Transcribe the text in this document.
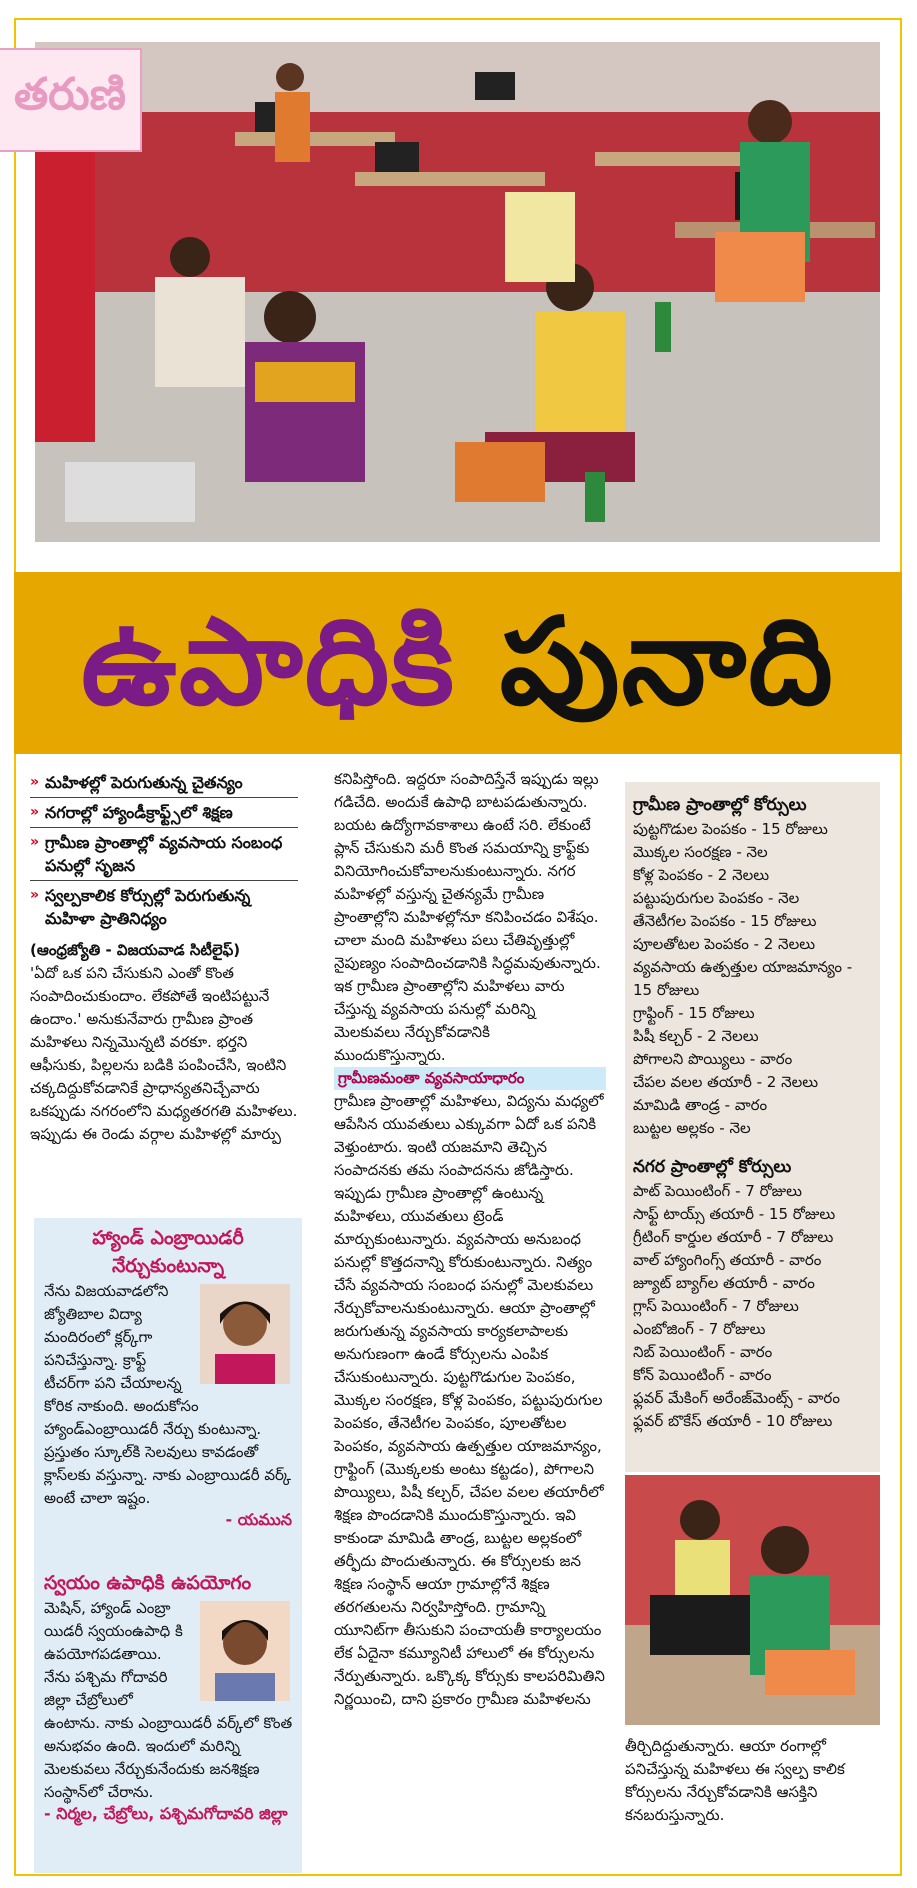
తరుణి
ఉపాధికి పునాది
» మహిళల్లో పెరుగుతున్న చైతన్యం
» నగరాల్లో హ్యాండీక్రాఫ్ట్స్‌లో శిక్షణ
» గ్రామీణ ప్రాంతాల్లో వ్యవసాయ సంబంధ పనుల్లో సృజన
» స్వల్పకాలిక కోర్సుల్లో పెరుగుతున్న మహిళా ప్రాతినిధ్యం

(ఆంధ్రజ్యోతి - విజయవాడ సిటీలైఫ్)

'ఏదో ఒక పని చేసుకుని ఎంతో కొంత సంపాదించుకుందాం. లేకపోతే ఇంటిపట్టునే ఉందాం.' అనుకునేవారు గ్రామీణ ప్రాంత మహిళలు నిన్నమొన్నటి వరకూ. భర్తని ఆఫీసుకు, పిల్లలను బడికి పంపించేసి, ఇంటిని చక్కదిద్దుకోవడానికే ప్రాధాన్యతనిచ్చేవారు ఒకప్పుడు నగరంలోని మధ్యతరగతి మహిళలు. ఇప్పుడు ఈ రెండు వర్గాల మహిళల్లో మార్పు

హ్యాండ్ ఎంబ్రాయిడరీ నేర్చుకుంటున్నా
నేను విజయవాడలోని జ్యోతిబాల విద్యా మందిరంలో క్లర్క్‌గా పనిచేస్తున్నా. క్రాఫ్ట్ టీచర్‌గా పని చేయాలన్న కోరిక నాకుంది. అందుకోసం హ్యాండ్‌ఎంబ్రాయిడరీ నేర్చు కుంటున్నా. ప్రస్తుతం స్కూల్‌కి సెలవులు కావడంతో క్లాస్‌లకు వస్తున్నా. నాకు ఎంబ్రాయిడరీ వర్క్ అంటే చాలా ఇష్టం.
- యమున
స్వయం ఉపాధికి ఉపయోగం
మెషిన్, హ్యాండ్ ఎంబ్రా యిడరీ స్వయంఉపాధి కి ఉపయోగపడతాయి. నేను పశ్చిమ గోదావరి జిల్లా చేబ్రోలులో ఉంటాను. నాకు ఎంబ్రాయిడరీ వర్క్‌లో కొంత అనుభవం ఉంది. ఇందులో మరిన్ని మెలకువలు నేర్చుకునేందుకు జనశిక్షణ సంస్థాన్‌లో చేరాను.
- నిర్మల, చేబ్రోలు, పశ్చిమగోదావరి జిల్లా

కనిపిస్తోంది. ఇద్దరూ సంపాదిస్తేనే ఇప్పుడు ఇల్లు గడిచేది. అందుకే ఉపాధి బాటపడుతున్నారు. బయట ఉద్యోగావకాశాలు ఉంటే సరి. లేకుంటే ప్లాన్ చేసుకుని మరీ కొంత సమయాన్ని క్రాఫ్ట్‌కు వినియోగించుకోవాలనుకుంటున్నారు. నగర మహిళల్లో వస్తున్న చైతన్యమే గ్రామీణ ప్రాంతాల్లోని మహిళల్లోనూ కనిపించడం విశేషం. చాలా మంది మహిళలు పలు చేతివృత్తుల్లో నైపుణ్యం సంపాదించడానికి సిద్ధమవుతున్నారు. ఇక గ్రామీణ ప్రాంతాల్లోని మహిళలు వారు చేస్తున్న వ్యవసాయ పనుల్లో మరిన్ని మెలకువలు నేర్చుకోవడానికి ముందుకొస్తున్నారు.

గ్రామీణమంతా వ్యవసాయాధారం

గ్రామీణ ప్రాంతాల్లో మహిళలు, విద్యను మధ్యలో ఆపేసిన యువతులు ఎక్కువగా ఏదో ఒక పనికి వెళ్తుంటారు. ఇంటి యజమాని తెచ్చిన సంపాదనకు తమ సంపాదనను జోడిస్తారు. ఇప్పుడు గ్రామీణ ప్రాంతాల్లో ఉంటున్న మహిళలు, యువతులు ట్రెండ్ మార్చుకుంటున్నారు. వ్యవసాయ అనుబంధ పనుల్లో కొత్తదనాన్ని కోరుకుంటున్నారు. నిత్యం చేసే వ్యవసాయ సంబంధ పనుల్లో మెలకువలు నేర్చుకోవాలనుకుంటున్నారు. ఆయా ప్రాంతాల్లో జరుగుతున్న వ్యవసాయ కార్యకలాపాలకు అనుగుణంగా ఉండే కోర్సులను ఎంపిక చేసుకుంటున్నారు. పుట్టగొడుగుల పెంపకం, మొక్కల సంరక్షణ, కోళ్ల పెంపకం, పట్టుపురుగుల పెంపకం, తేనెటీగల పెంపకం, పూలతోటల పెంపకం, వ్యవసాయ ఉత్పత్తుల యాజమాన్యం, గ్రాఫ్టింగ్ (మొక్కలకు అంటు కట్టడం), పోగాలని పొయ్యిలు, పిషీ కల్చర్, చేపల వలల తయారీలో శిక్షణ పొందడానికి ముందుకొస్తున్నారు. ఇవి కాకుండా మామిడి తాండ్ర, బుట్టల అల్లకంలో తర్ఫీదు పొందుతున్నారు. ఈ కోర్సులకు జన శిక్షణ సంస్థాన్ ఆయా గ్రామాల్లోనే శిక్షణ తరగతులను నిర్వహిస్తోంది. గ్రామాన్ని యూనిట్‌గా తీసుకుని పంచాయతీ కార్యాలయం లేక ఏదైనా కమ్యూనిటీ హాలులో ఈ కోర్సులను నేర్పుతున్నారు. ఒక్కొక్క కోర్సుకు కాలపరిమితిని నిర్ణయించి, దాని ప్రకారం గ్రామీణ మహిళలను

గ్రామీణ ప్రాంతాల్లో కోర్సులు
పుట్టగొడుల పెంపకం - 15 రోజులు
మొక్కల సంరక్షణ - నెల
కోళ్ల పెంపకం - 2 నెలలు
పట్టుపురుగుల పెంపకం - నెల
తేనెటీగల పెంపకం - 15 రోజులు
పూలతోటల పెంపకం - 2 నెలలు
వ్యవసాయ ఉత్పత్తుల యాజమాన్యం - 15 రోజులు
గ్రాఫ్టింగ్ - 15 రోజులు
పిషీ కల్చర్ - 2 నెలలు
పోగాలని పొయ్యిలు - వారం
చేపల వలల తయారీ - 2 నెలలు
మామిడి తాండ్ర - వారం
బుట్టల అల్లకం - నెల
నగర ప్రాంతాల్లో కోర్సులు
పాట్ పెయింటింగ్ - 7 రోజులు
సాఫ్ట్ టాయ్స్ తయారీ - 15 రోజులు
గ్రీటింగ్ కార్డుల తయారీ - 7 రోజులు
వాల్ హ్యాంగింగ్స్ తయారీ - వారం
జ్యూట్ బ్యాగ్‌ల తయారీ - వారం
గ్లాస్ పెయింటింగ్ - 7 రోజులు
ఎంబోజింగ్ - 7 రోజులు
నిబ్ పెయింటింగ్ - వారం
కోన్ పెయింటింగ్ - వారం
ఫ్లవర్ మేకింగ్ అరేంజ్‌మెంట్స్ - వారం
ఫ్లవర్ బొకేస్ తయారీ - 10 రోజులు
తీర్చిదిద్దుతున్నారు. ఆయా రంగాల్లో పనిచేస్తున్న మహిళలు ఈ స్వల్ప కాలిక కోర్సులను నేర్చుకోవడానికి ఆసక్తిని కనబరుస్తున్నారు.
